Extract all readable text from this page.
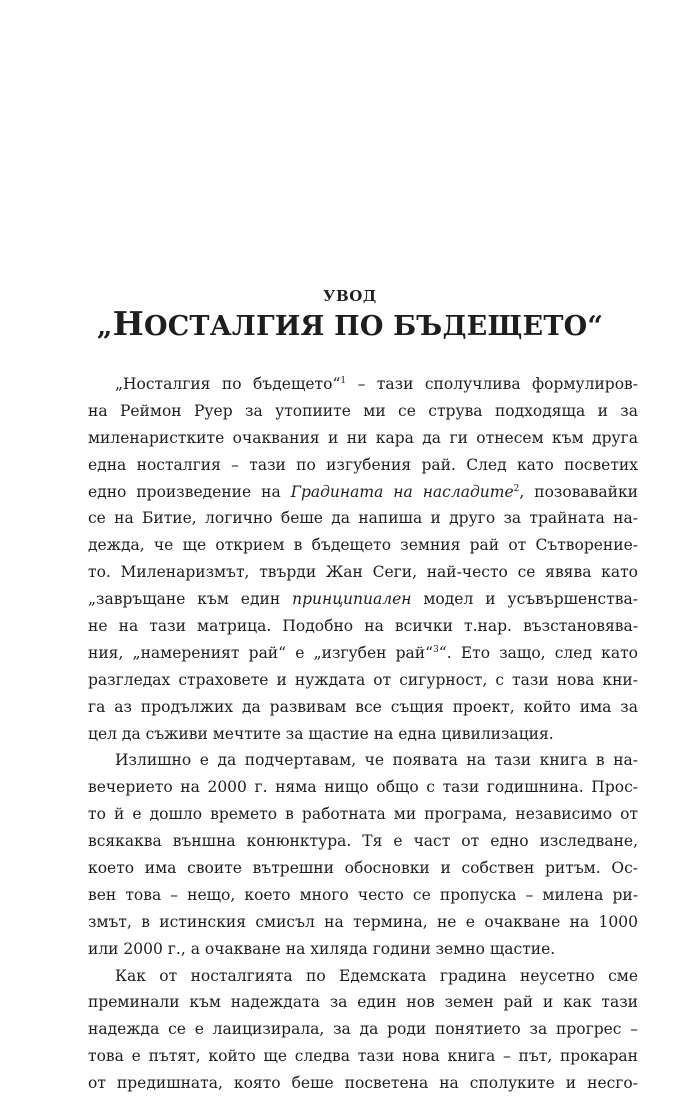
УВОД
„НОСТАЛГИЯ ПО БЪДЕЩЕТО“
„Носталгия по бъдещето“$^1$ – тази сполучлива формулиров-
на Реймон Руер за утопиите ми се струва подходяща и за
миленаристките очаквания и ни кара да ги отнесем към друга
една носталгия – тази по изгубения рай. След като посветих
едно произведение на Градината на насладите$^2$, позовавайки
се на Битие, логично беше да напиша и друго за трайната на-
дежда, че ще открием в бъдещето земния рай от Сътворение-
то. Миленаризмът, твърди Жан Сеги, най-често се явява като
„завръщане към един принципиален модел и усъвършенства-
не на тази матрица. Подобно на всички т.нар. възстановява-
ния, „намереният рай“ е „изгубен рай“$^3$“. Ето защо, след като
разгледах страховете и нуждата от сигурност, с тази нова кни-
га аз продължих да развивам все същия проект, който има за
цел да съживи мечтите за щастие на една цивилизация.
Излишно е да подчертавам, че появата на тази книга в на-
вечерието на 2000 г. няма нищо общо с тази годишнина. Прос-
то й е дошло времето в работната ми програма, независимо от
всякаква външна конюнктура. Тя е част от едно изследване,
което има своите вътрешни обосновки и собствен ритъм. Ос-
вен това – нещо, което много често се пропуска – милена ри-
змът, в истинския смисъл на термина, не е очакване на 1000
или 2000 г., а очакване на хиляда години земно щастие.
Как от носталгията по Едемската градина неусетно сме
преминали към надеждата за един нов земен рай и как тази
надежда се е лаицизирала, за да роди понятието за прогрес –
това е пътят, който ще следва тази нова книга – път, прокаран
от предишната, която беше посветена на сполуките и несго-
